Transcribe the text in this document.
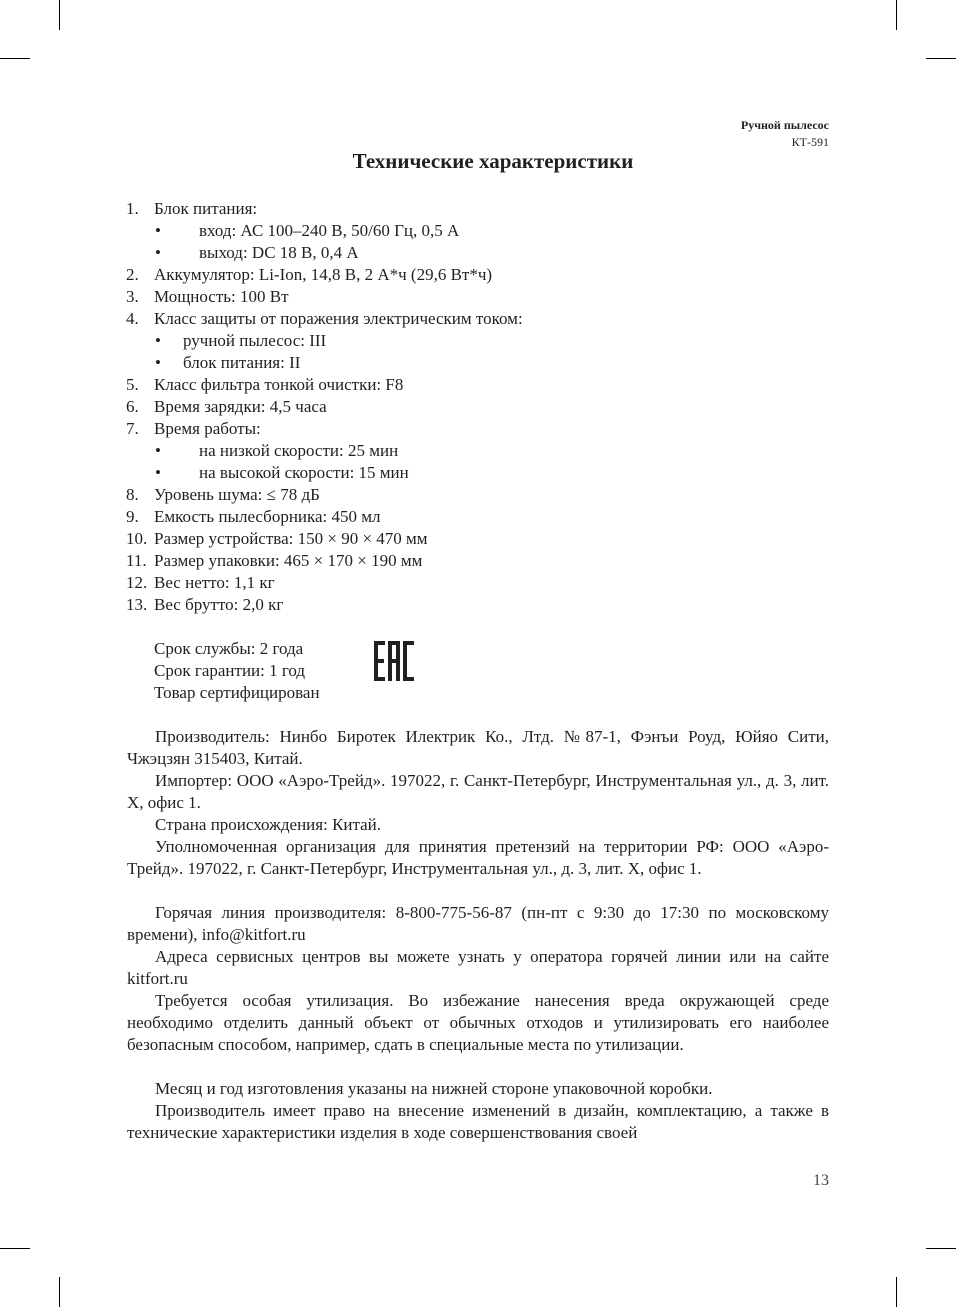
Ручной пылесос
КТ-591
Технические характеристики
1. Блок питания:
• вход: АС 100–240 В, 50/60 Гц, 0,5 А
• выход: DC 18 В, 0,4 А
2. Аккумулятор: Li-Ion, 14,8 В, 2 А*ч (29,6 Вт*ч)
3. Мощность: 100 Вт
4. Класс защиты от поражения электрическим током:
• ручной пылесос: III
• блок питания: II
5. Класс фильтра тонкой очистки: F8
6. Время зарядки: 4,5 часа
7. Время работы:
• на низкой скорости: 25 мин
• на высокой скорости: 15 мин
8. Уровень шума: ≤ 78 дБ
9. Емкость пылесборника: 450 мл
10. Размер устройства: 150 × 90 × 470 мм
11. Размер упаковки: 465 × 170 × 190 мм
12. Вес нетто: 1,1 кг
13. Вес брутто: 2,0 кг
Срок службы: 2 года
Срок гарантии: 1 год
Товар сертифицирован
Производитель: Нинбо Биротек Илектрик Ко., Лтд. №87-1, Фэнъи Роуд, Юйяо Сити, Чжэцзян 315403, Китай.
Импортер: ООО «Аэро-Трейд». 197022, г. Санкт-Петербург, Инструментальная ул., д. 3, лит. Х, офис 1.
Страна происхождения: Китай.
Уполномоченная организация для принятия претензий на территории РФ: ООО «Аэро-Трейд». 197022, г. Санкт-Петербург, Инструментальная ул., д. 3, лит. Х, офис 1.
Горячая линия производителя: 8-800-775-56-87 (пн-пт с 9:30 до 17:30 по московскому времени), info@kitfort.ru
Адреса сервисных центров вы можете узнать у оператора горячей линии или на сайте kitfort.ru
Требуется особая утилизация. Во избежание нанесения вреда окружающей среде необходимо отделить данный объект от обычных отходов и утилизировать его наиболее безопасным способом, например, сдать в специальные места по утилизации.
Месяц и год изготовления указаны на нижней стороне упаковочной коробки.
Производитель имеет право на внесение изменений в дизайн, комплектацию, а также в технические характеристики изделия в ходе совершенствования своей
13
